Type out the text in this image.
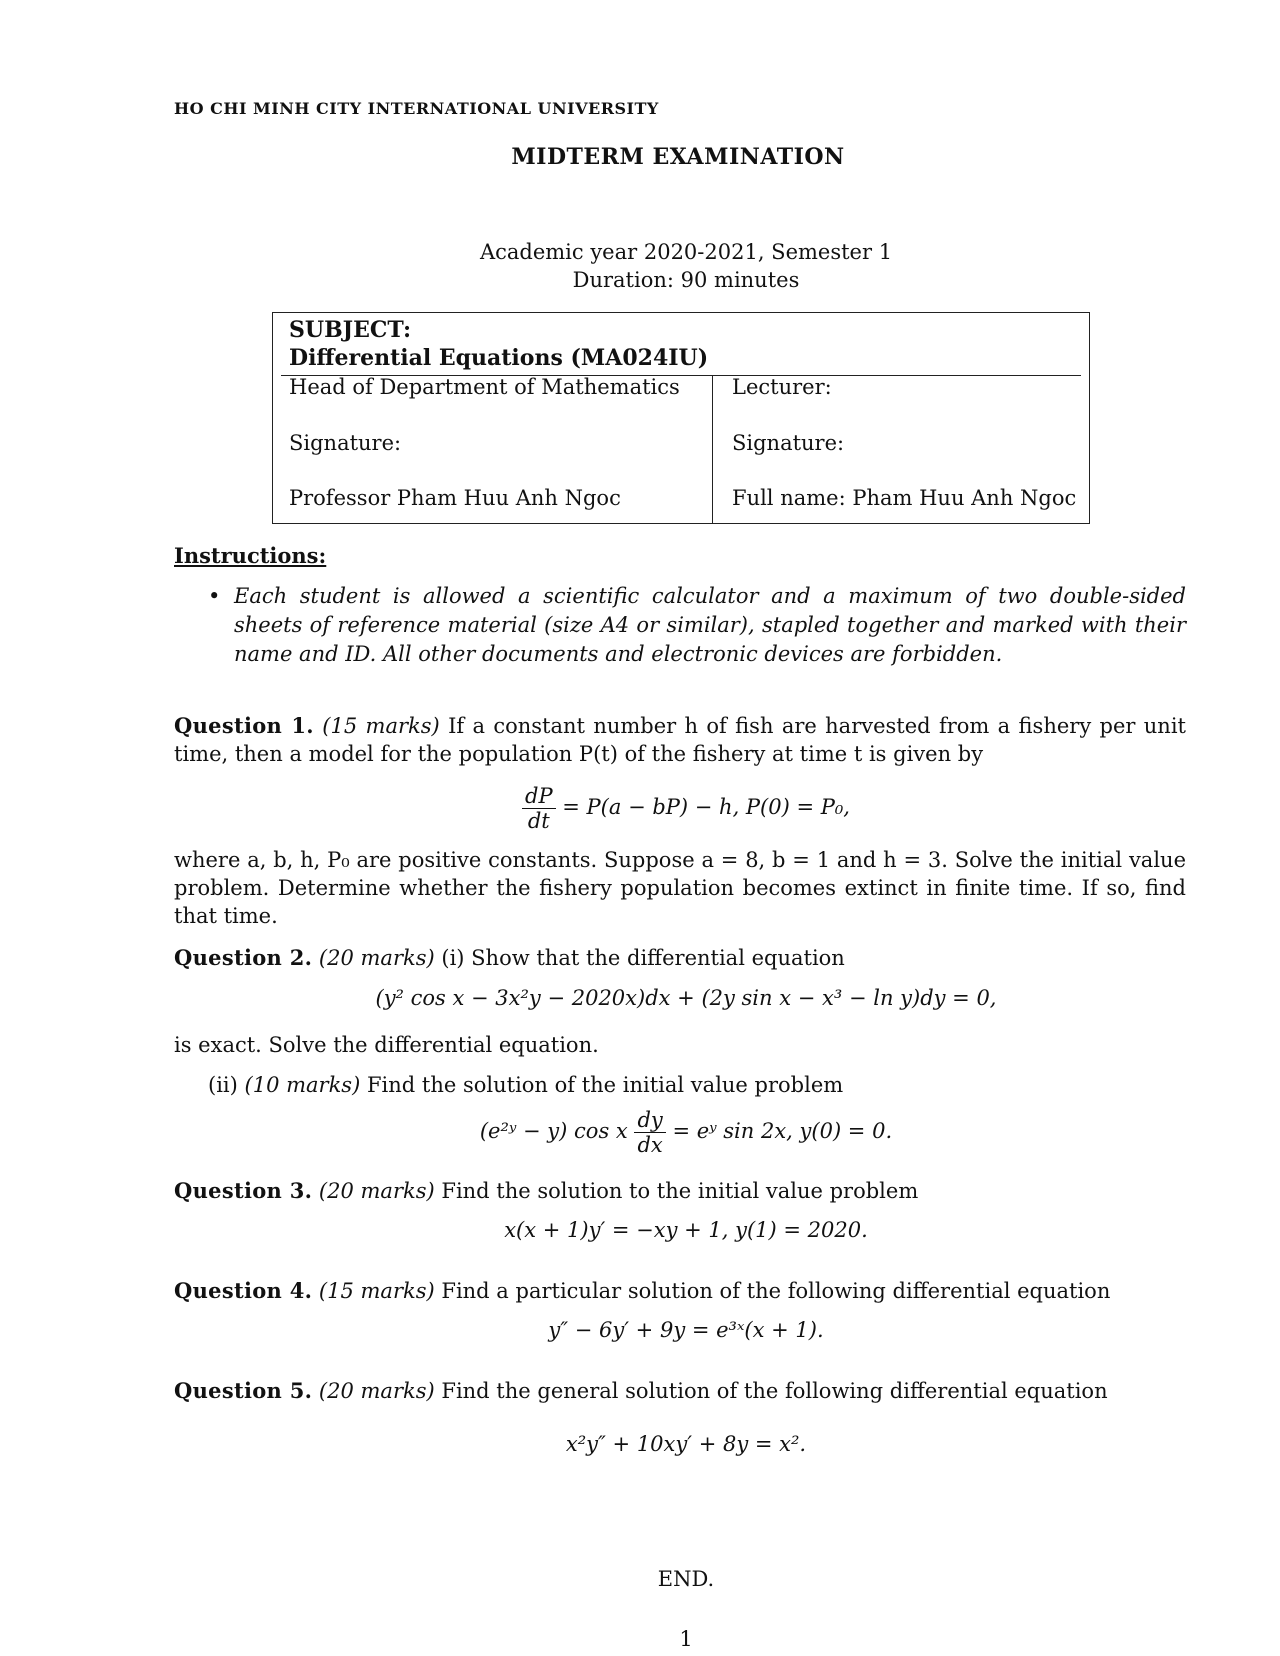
HO CHI MINH CITY INTERNATIONAL UNIVERSITY
MIDTERM EXAMINATION
Academic year 2020-2021, Semester 1
Duration: 90 minutes
SUBJECT:
Differential Equations (MA024IU)
Head of Department of Mathematics Lecturer:
Signature:	Signature:
Professor Pham Huu Anh Ngoc	Full name: Pham Huu Anh Ngoc
Instructions:
• Each student is allowed a scientific calculator and a maximum of two double-sided sheets of reference material (size A4 or similar), stapled together and marked with their name and ID. All other documents and electronic devices are forbidden.
Question 1. (15 marks) If a constant number h of fish are harvested from a fishery per unit time, then a model for the population P(t) of the fishery at time t is given by
$\frac{dP}{dt} = P(a - bP) - h$, P(0) = P₀,
where a, b, h, P₀ are positive constants. Suppose a = 8, b = 1 and h = 3. Solve the initial value problem. Determine whether the fishery population becomes extinct in finite time. If so, find that time.
Question 2. (20 marks) (i) Show that the differential equation
(y² cos x − 3x²y − 2020x)dx + (2y sin x − x³ − ln y)dy = 0,
is exact. Solve the differential equation.
(ii) (10 marks) Find the solution of the initial value problem
(e²ʸ − y) cos x $\frac{dy}{dx}$ = eʸ sin 2x, y(0) = 0.
Question 3. (20 marks) Find the solution to the initial value problem
x(x + 1)y′ = −xy + 1, y(1) = 2020.
Question 4. (15 marks) Find a particular solution of the following differential equation
y″ − 6y′ + 9y = e³ˣ(x + 1).
Question 5. (20 marks) Find the general solution of the following differential equation
x²y″ + 10xy′ + 8y = x².
END.
1
